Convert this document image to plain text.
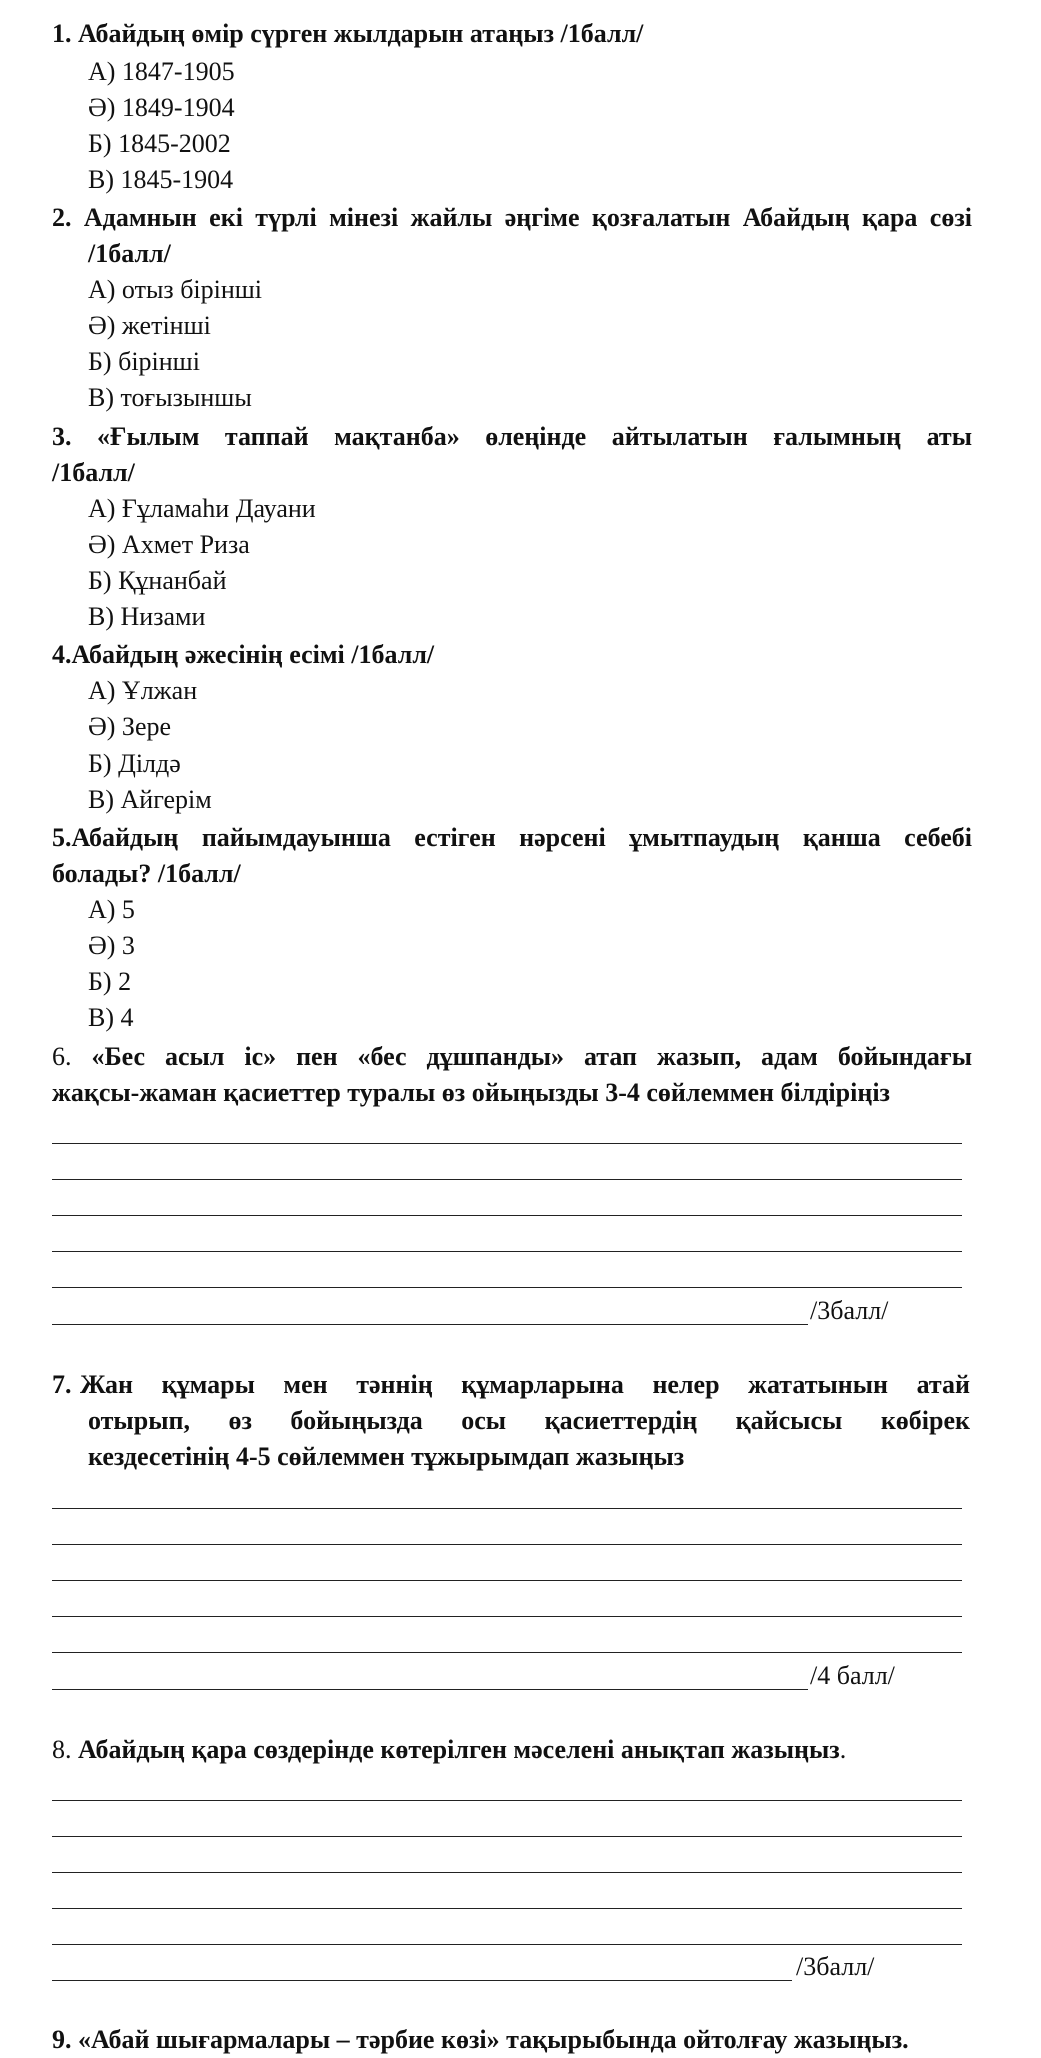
1. Абайдың өмір сүрген жылдарын атаңыз /1балл/
А) 1847-1905
Ә) 1849-1904
Б) 1845-2002
В) 1845-1904
2. Адамнын екі түрлі мінезі жайлы әңгіме қозғалатын Абайдың қара сөзі
/1балл/
А) отыз бірінші
Ә) жетінші
Б) бірінші
В) тоғызыншы
3. «Ғылым таппай мақтанба» өлеңінде айтылатын ғалымның аты
/1балл/
А) Ғұламаһи Дауани
Ә) Ахмет Риза
Б) Құнанбай
В) Низами
4.Абайдың әжесінің есімі /1балл/
А) Ұлжан
Ә) Зере
Б) Ділдә
В) Айгерім
5.Абайдың пайымдауынша естіген нәрсені ұмытпаудың қанша себебі
болады? /1балл/
А) 5
Ә) 3
Б) 2
В) 4
6. «Бес асыл іс» пен «бес дұшпанды» атап жазып, адам бойындағы
жақсы-жаман қасиеттер туралы өз ойыңызды 3-4 сөйлеммен білдіріңіз
/3балл/
7. Жан құмары мен тәннің құмарларына нелер жататынын атай
отырып, өз бойыңызда осы қасиеттердің қайсысы көбірек
кездесетінің 4-5 сөйлеммен тұжырымдап жазыңыз
/4 балл/
8. Абайдың қара сөздерінде көтерілген мәселені анықтап жазыңыз.
/3балл/
9. «Абай шығармалары – тәрбие көзі» тақырыбында ойтолғау жазыңыз.
